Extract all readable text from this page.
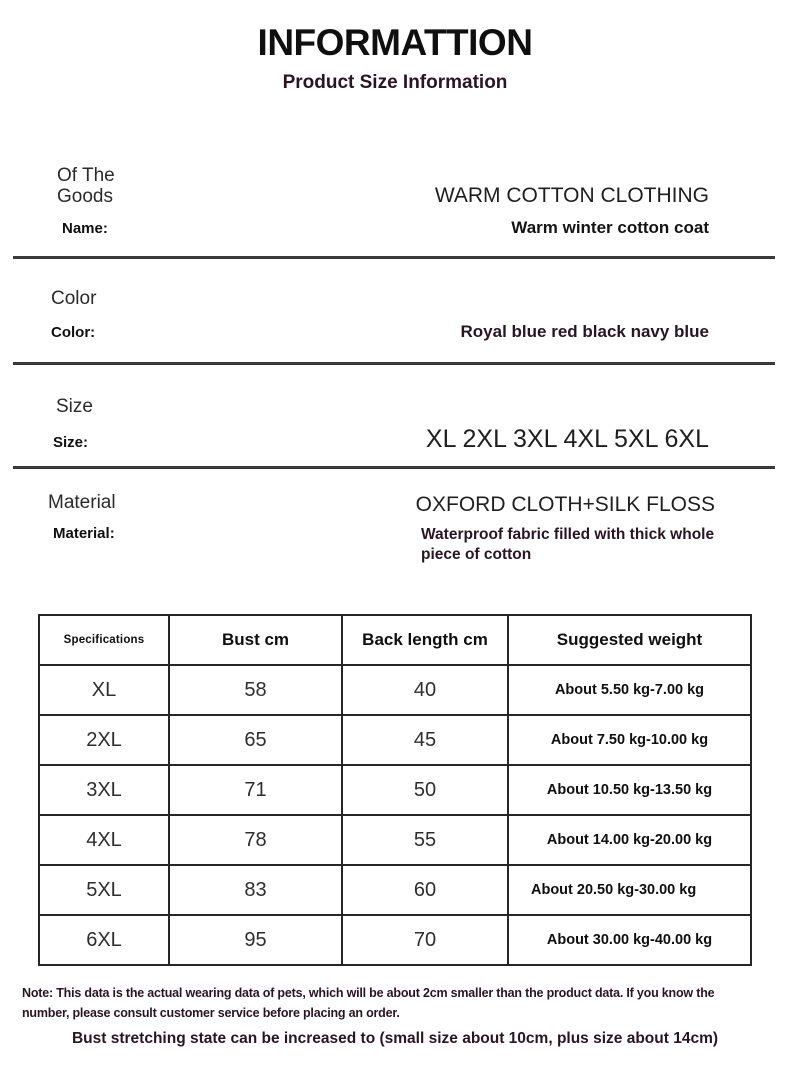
INFORMATTION
Product Size Information
Of The
Goods	WARM COTTON CLOTHING
Name:	Warm winter cotton coat
Color
Color:	Royal blue red black navy blue
Size
Size:	XL 2XL 3XL 4XL 5XL 6XL
Material	OXFORD CLOTH+SILK FLOSS
Material:	Waterproof fabric filled with thick whole piece of cotton
Specifications	Bust cm	Back length cm	Suggested weight
XL	58	40	About 5.50 kg-7.00 kg
2XL	65	45	About 7.50 kg-10.00 kg
3XL	71	50	About 10.50 kg-13.50 kg
4XL	78	55	About 14.00 kg-20.00 kg
5XL	83	60	About 20.50 kg-30.00 kg
6XL	95	70	About 30.00 kg-40.00 kg
Note: This data is the actual wearing data of pets, which will be about 2cm smaller than the product data. If you know the number, please consult customer service before placing an order.
Bust stretching state can be increased to (small size about 10cm, plus size about 14cm)
